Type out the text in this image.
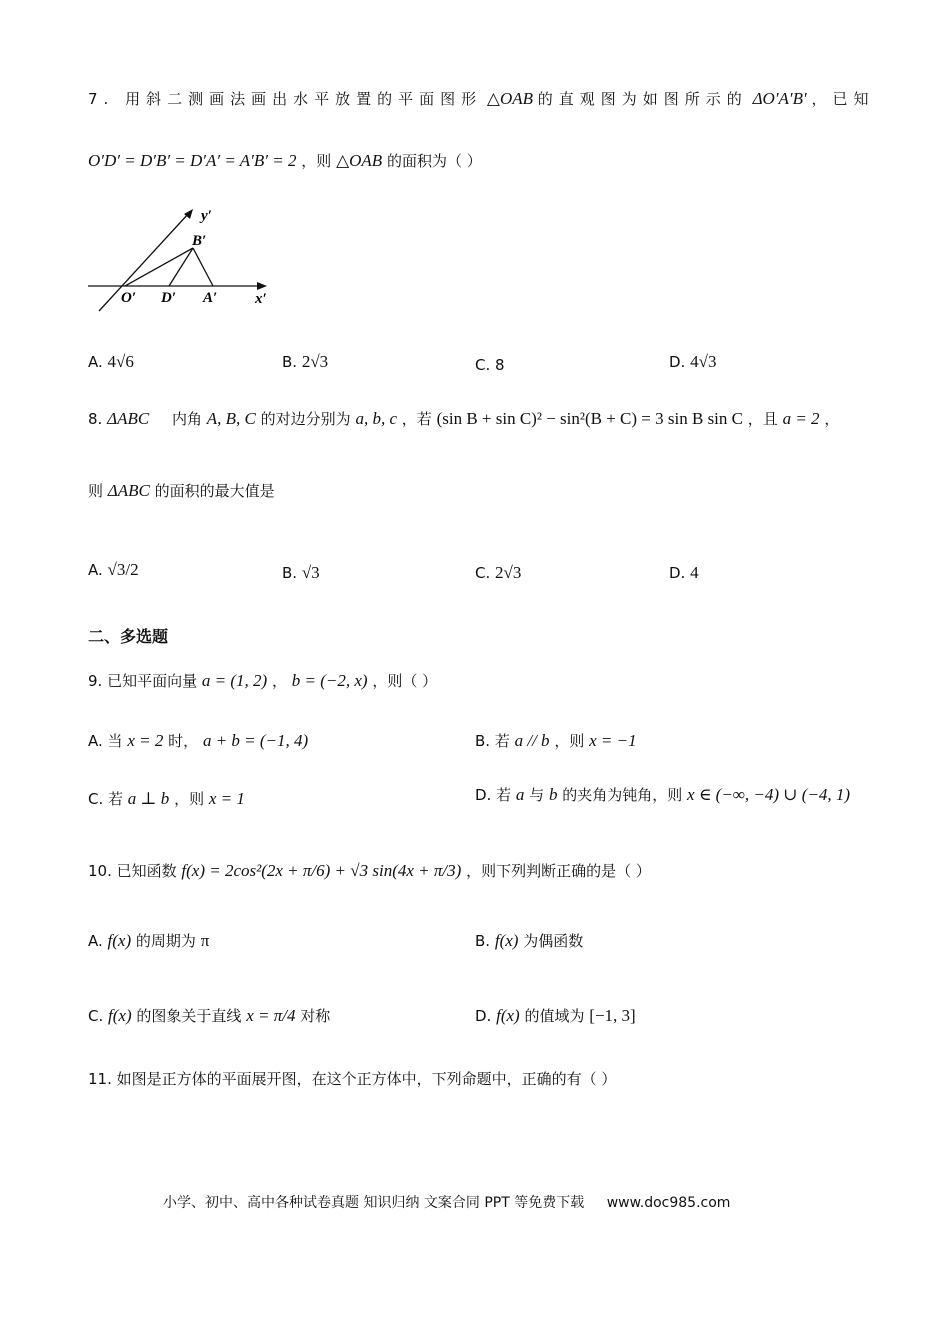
7. 用斜二测画法画出水平放置的平面图形 △OAB 的直观图为如图所示的 ΔO′A′B′ ，已知
O′D′ = D′B′ = D′A′ = A′B′ = 2 ，则 △OAB 的面积为（ ）
y′
B′
O′ D′ A′	x′
A. 4√6	B. 2√3	C. 8	D. 4√3
8. ΔABC 内角 A, B, C 的对边分别为 a, b, c ，若 (sin B + sin C)² − sin²(B + C) = 3 sin B sin C ，且 a = 2 ，
则 ΔABC 的面积的最大值是
A. √3/2	B. √3	C. 2√3	D. 4
二、多选题
9. 已知平面向量 a = (1, 2) ， b = (−2, x) ，则（ ）
A. 当 x = 2 时， a + b = (−1, 4)	B. 若 a // b ，则 x = −1
C. 若 a ⊥ b ，则 x = 1	D. 若 a 与 b 的夹角为钝角，则 x ∈ (−∞, −4) ∪ (−4, 1)
10. 已知函数 f(x) = 2cos²(2x + π/6) + √3 sin(4x + π/3) ，则下列判断正确的是（ ）
A. f(x) 的周期为 π	B. f(x) 为偶函数
C. f(x) 的图象关于直线 x = π/4 对称	D. f(x) 的值域为 [−1, 3]
11. 如图是正方体的平面展开图，在这个正方体中，下列命题中，正确的有（ ）
小学、初中、高中各种试卷真题 知识归纳 文案合同 PPT 等免费下载 www.doc985.com
